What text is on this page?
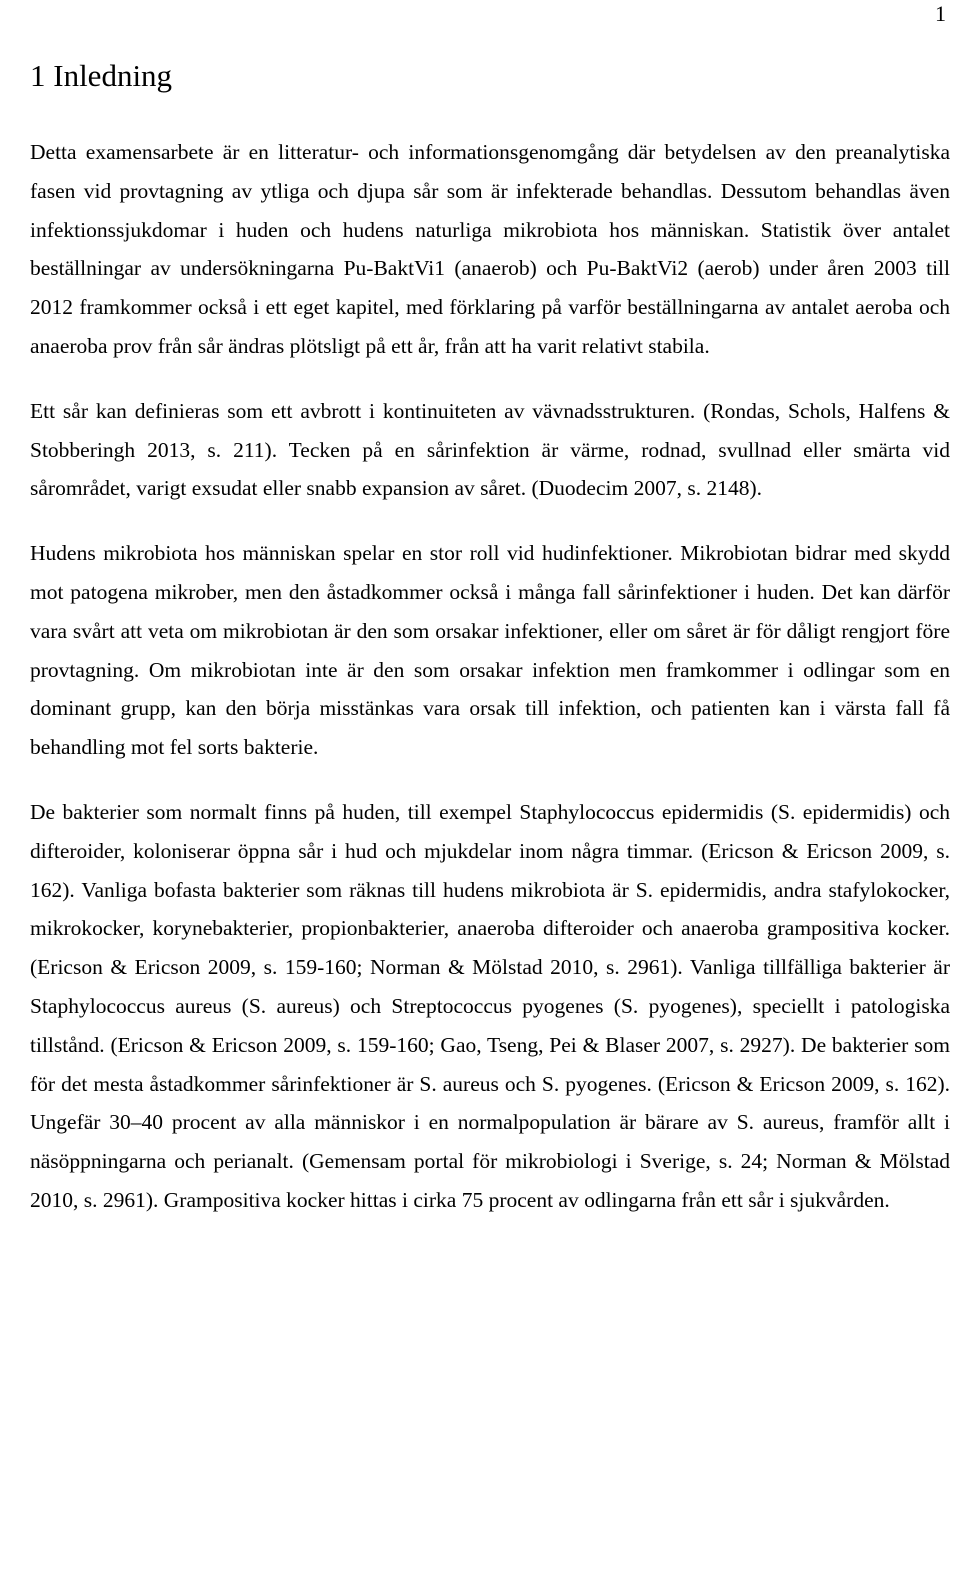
1
1 Inledning

Detta examensarbete är en litteratur- och informationsgenomgång där betydelsen av den preanalytiska fasen vid provtagning av ytliga och djupa sår som är infekterade behandlas. Dessutom behandlas även infektionssjukdomar i huden och hudens naturliga mikrobiota hos människan. Statistik över antalet beställningar av undersökningarna Pu-BaktVi1 (anaerob) och Pu-BaktVi2 (aerob) under åren 2003 till 2012 framkommer också i ett eget kapitel, med förklaring på varför beställningarna av antalet aeroba och anaeroba prov från sår ändras plötsligt på ett år, från att ha varit relativt stabila.

Ett sår kan definieras som ett avbrott i kontinuiteten av vävnadsstrukturen. (Rondas, Schols, Halfens & Stobberingh 2013, s. 211). Tecken på en sårinfektion är värme, rodnad, svullnad eller smärta vid sårområdet, varigt exsudat eller snabb expansion av såret. (Duodecim 2007, s. 2148).

Hudens mikrobiota hos människan spelar en stor roll vid hudinfektioner. Mikrobiotan bidrar med skydd mot patogena mikrober, men den åstadkommer också i många fall sårinfektioner i huden. Det kan därför vara svårt att veta om mikrobiotan är den som orsakar infektioner, eller om såret är för dåligt rengjort före provtagning. Om mikrobiotan inte är den som orsakar infektion men framkommer i odlingar som en dominant grupp, kan den börja misstänkas vara orsak till infektion, och patienten kan i värsta fall få behandling mot fel sorts bakterie.

De bakterier som normalt finns på huden, till exempel Staphylococcus epidermidis (S. epidermidis) och difteroider, koloniserar öppna sår i hud och mjukdelar inom några timmar. (Ericson & Ericson 2009, s. 162). Vanliga bofasta bakterier som räknas till hudens mikrobiota är S. epidermidis, andra stafylokocker, mikrokocker, korynebakterier, propionbakterier, anaeroba difteroider och anaeroba grampositiva kocker. (Ericson & Ericson 2009, s. 159-160; Norman & Mölstad 2010, s. 2961). Vanliga tillfälliga bakterier är Staphylococcus aureus (S. aureus) och Streptococcus pyogenes (S. pyogenes), speciellt i patologiska tillstånd. (Ericson & Ericson 2009, s. 159-160; Gao, Tseng, Pei & Blaser 2007, s. 2927). De bakterier som för det mesta åstadkommer sårinfektioner är S. aureus och S. pyogenes. (Ericson & Ericson 2009, s. 162). Ungefär 30–40 procent av alla människor i en normalpopulation är bärare av S. aureus, framför allt i näsöppningarna och perianalt. (Gemensam portal för mikrobiologi i Sverige, s. 24; Norman & Mölstad 2010, s. 2961). Grampositiva kocker hittas i cirka 75 procent av odlingarna från ett sår i sjukvården.
